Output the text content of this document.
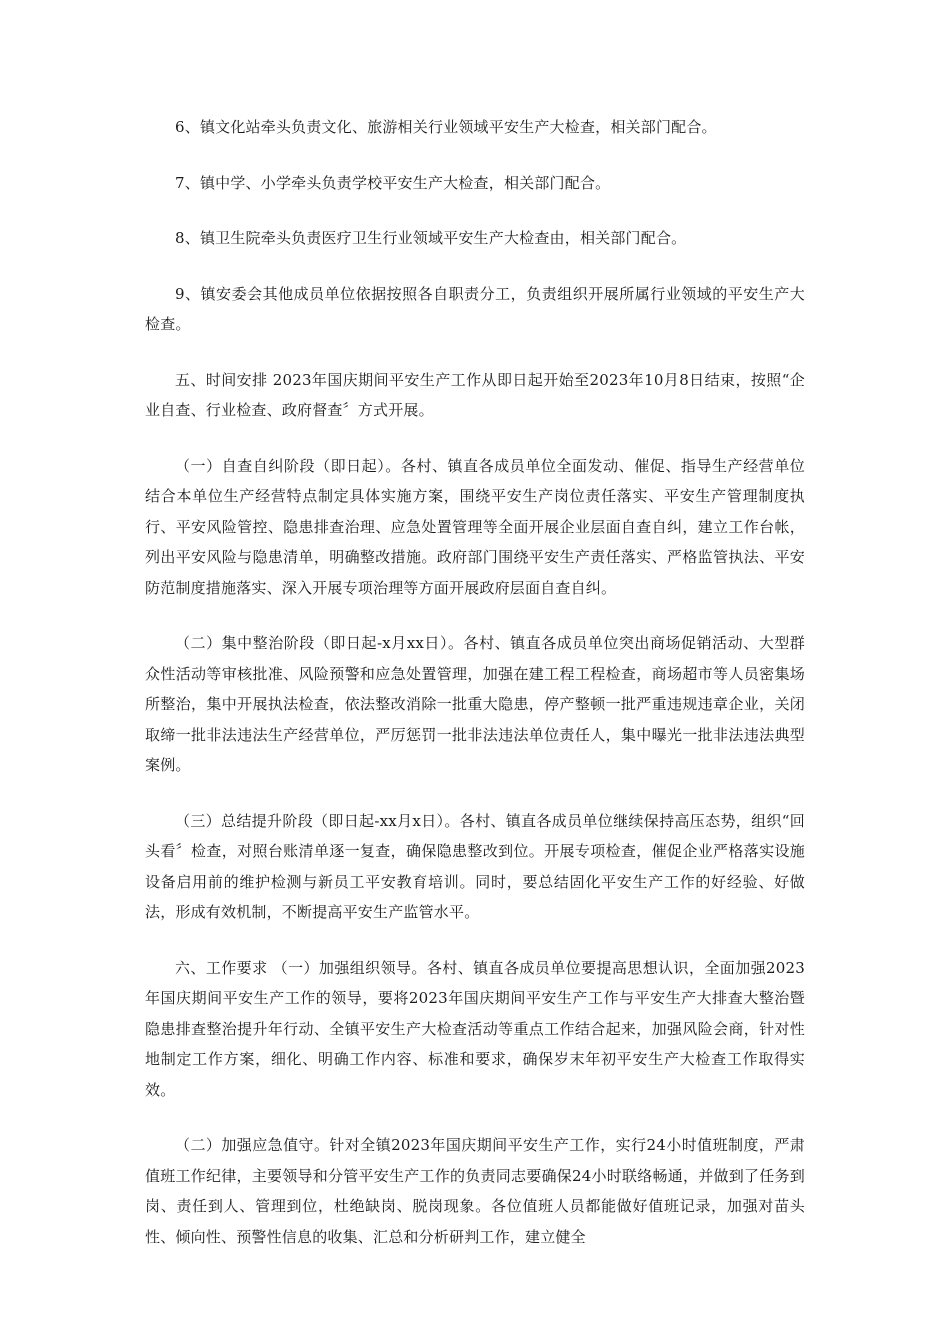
6、镇文化站牵头负责文化、旅游相关行业领域平安生产大检查，相关部门配合。

7、镇中学、小学牵头负责学校平安生产大检查，相关部门配合。

8、镇卫生院牵头负责医疗卫生行业领域平安生产大检查由，相关部门配合。

9、镇安委会其他成员单位依据按照各自职责分工，负责组织开展所属行业领域的平安生产大检查。

五、时间安排 2023年国庆期间平安生产工作从即日起开始至2023年10月8日结束，按照“企业自查、行业检查、政府督查〞方式开展。

（一）自查自纠阶段（即日起）。各村、镇直各成员单位全面发动、催促、指导生产经营单位结合本单位生产经营特点制定具体实施方案，围绕平安生产岗位责任落实、平安生产管理制度执行、平安风险管控、隐患排查治理、应急处置管理等全面开展企业层面自查自纠，建立工作台帐，列出平安风险与隐患清单，明确整改措施。政府部门围绕平安生产责任落实、严格监管执法、平安防范制度措施落实、深入开展专项治理等方面开展政府层面自查自纠。

（二）集中整治阶段（即日起-x月xx日）。各村、镇直各成员单位突出商场促销活动、大型群众性活动等审核批准、风险预警和应急处置管理，加强在建工程工程检查，商场超市等人员密集场所整治，集中开展执法检查，依法整改消除一批重大隐患，停产整顿一批严重违规违章企业，关闭取缔一批非法违法生产经营单位，严厉惩罚一批非法违法单位责任人，集中曝光一批非法违法典型案例。

（三）总结提升阶段（即日起-xx月x日）。各村、镇直各成员单位继续保持高压态势，组织“回头看〞检查，对照台账清单逐一复查，确保隐患整改到位。开展专项检查，催促企业严格落实设施设备启用前的维护检测与新员工平安教育培训。同时，要总结固化平安生产工作的好经验、好做法，形成有效机制，不断提高平安生产监管水平。

六、工作要求 （一）加强组织领导。各村、镇直各成员单位要提高思想认识，全面加强2023年国庆期间平安生产工作的领导，要将2023年国庆期间平安生产工作与平安生产大排查大整治暨隐患排查整治提升年行动、全镇平安生产大检查活动等重点工作结合起来，加强风险会商，针对性地制定工作方案，细化、明确工作内容、标准和要求，确保岁末年初平安生产大检查工作取得实效。

（二）加强应急值守。针对全镇2023年国庆期间平安生产工作，实行24小时值班制度，严肃值班工作纪律，主要领导和分管平安生产工作的负责同志要确保24小时联络畅通，并做到了任务到岗、责任到人、管理到位，杜绝缺岗、脱岗现象。各位值班人员都能做好值班记录，加强对苗头性、倾向性、预警性信息的收集、汇总和分析研判工作，建立健全
